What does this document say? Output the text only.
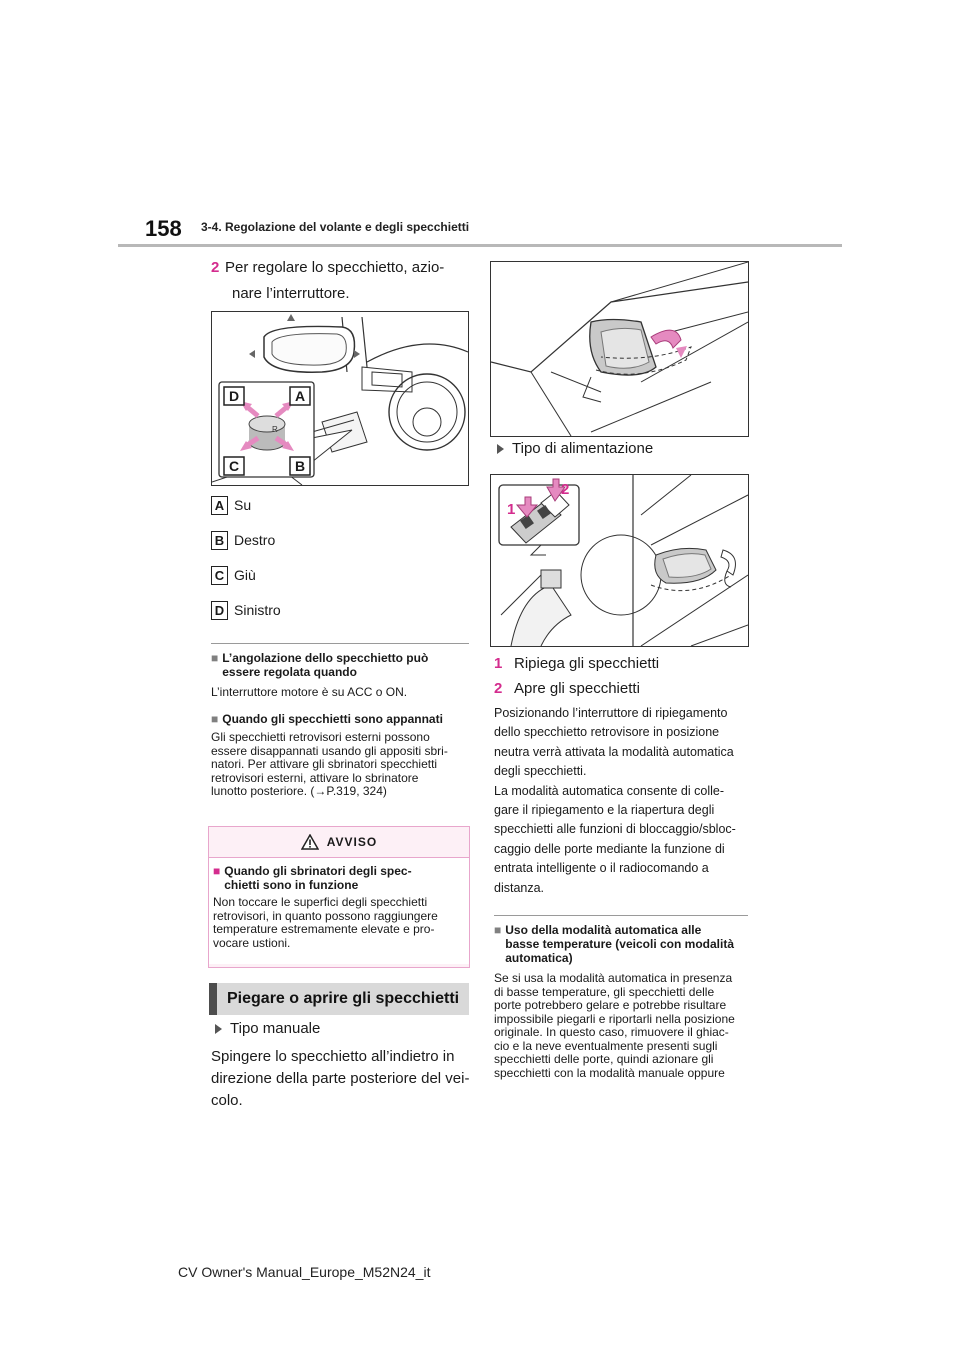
158 3-4. Regolazione del volante e degli specchietti
2 Per regolare lo specchietto, azio-
nare l’interruttore.
R
D	A
C	B
A Su
B Destro
C Giù
D Sinistro
■ L’angolazione dello specchietto può
essere regolata quando
L’interruttore motore è su ACC o ON.
■ Quando gli specchietti sono appannati
Gli specchietti retrovisori esterni possono
essere disappannati usando gli appositi sbri-
natori. Per attivare gli sbrinatori specchietti
retrovisori esterni, attivare lo sbrinatore
lunotto posteriore. (→P.319, 324)
AVVISO
■ Quando gli sbrinatori degli spec-
chietti sono in funzione
Non toccare le superfici degli specchietti
retrovisori, in quanto possono raggiungere
temperature estremamente elevate e pro-
vocare ustioni.
Piegare o aprire gli specchietti
Tipo manuale
Spingere lo specchietto all’indietro in
direzione della parte posteriore del vei-
colo.
Tipo di alimentazione
1
2
1 Ripiega gli specchietti
2 Apre gli specchietti
Posizionando l’interruttore di ripiegamento
dello specchietto retrovisore in posizione
neutra verrà attivata la modalità automatica
degli specchietti.
La modalità automatica consente di colle-
gare il ripiegamento e la riapertura degli
specchietti alle funzioni di bloccaggio/sbloc-
caggio delle porte mediante la funzione di
entrata intelligente o il radiocomando a
distanza.
■ Uso della modalità automatica alle
basse temperature (veicoli con modalità
automatica)
Se si usa la modalità automatica in presenza
di basse temperature, gli specchietti delle
porte potrebbero gelare e potrebbe risultare
impossibile piegarli e riportarli nella posizione
originale. In questo caso, rimuovere il ghiac-
cio e la neve eventualmente presenti sugli
specchietti delle porte, quindi azionare gli
specchietti con la modalità manuale oppure
CV Owner's Manual_Europe_M52N24_it
